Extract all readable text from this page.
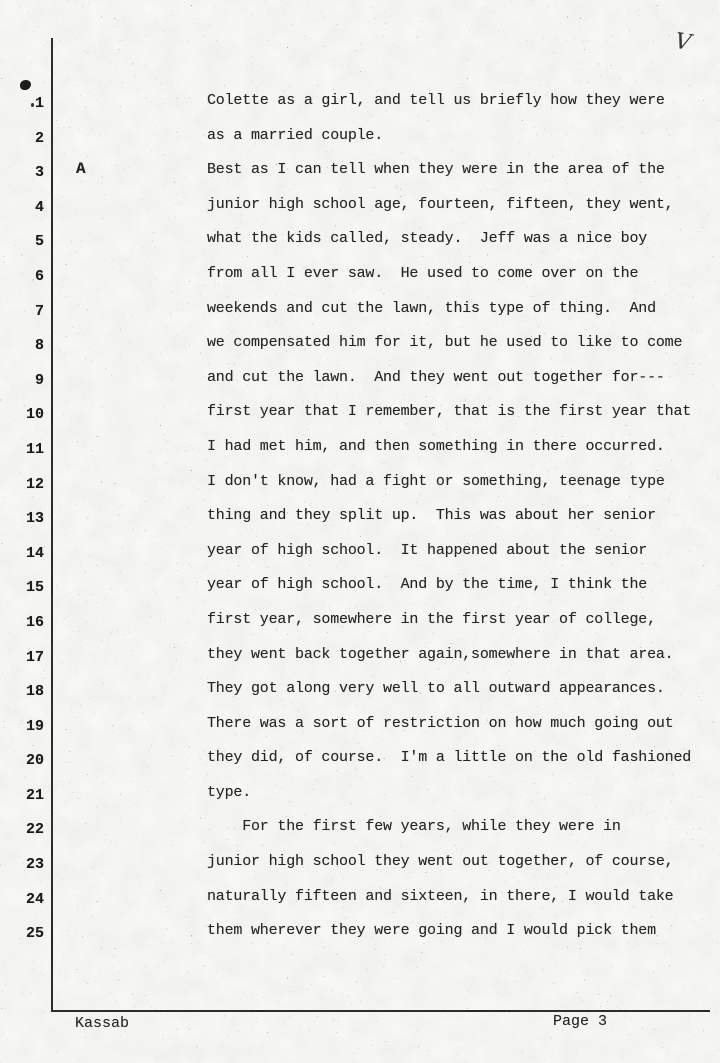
V
A
1	Colette as a girl, and tell us briefly how they were
2	as a married couple.
3	Best as I can tell when they were in the area of the
4	junior high school age, fourteen, fifteen, they went,
5	what the kids called, steady.  Jeff was a nice boy
6	from all I ever saw.  He used to come over on the
7	weekends and cut the lawn, this type of thing.  And
8	we compensated him for it, but he used to like to come
9	and cut the lawn.  And they went out together for---
10	first year that I remember, that is the first year that
11	I had met him, and then something in there occurred.
12	I don't know, had a fight or something, teenage type
13	thing and they split up.  This was about her senior
14	year of high school.  It happened about the senior
15	year of high school.  And by the time, I think the
16	first year, somewhere in the first year of college,
17	they went back together again,somewhere in that area.
18	They got along very well to all outward appearances.
19	There was a sort of restriction on how much going out
20	they did, of course.  I'm a little on the old fashioned
21	type.
22	For the first few years, while they were in
23	junior high school they went out together, of course,
24	naturally fifteen and sixteen, in there, I would take
25	them wherever they were going and I would pick them
Kassab	Page 3
